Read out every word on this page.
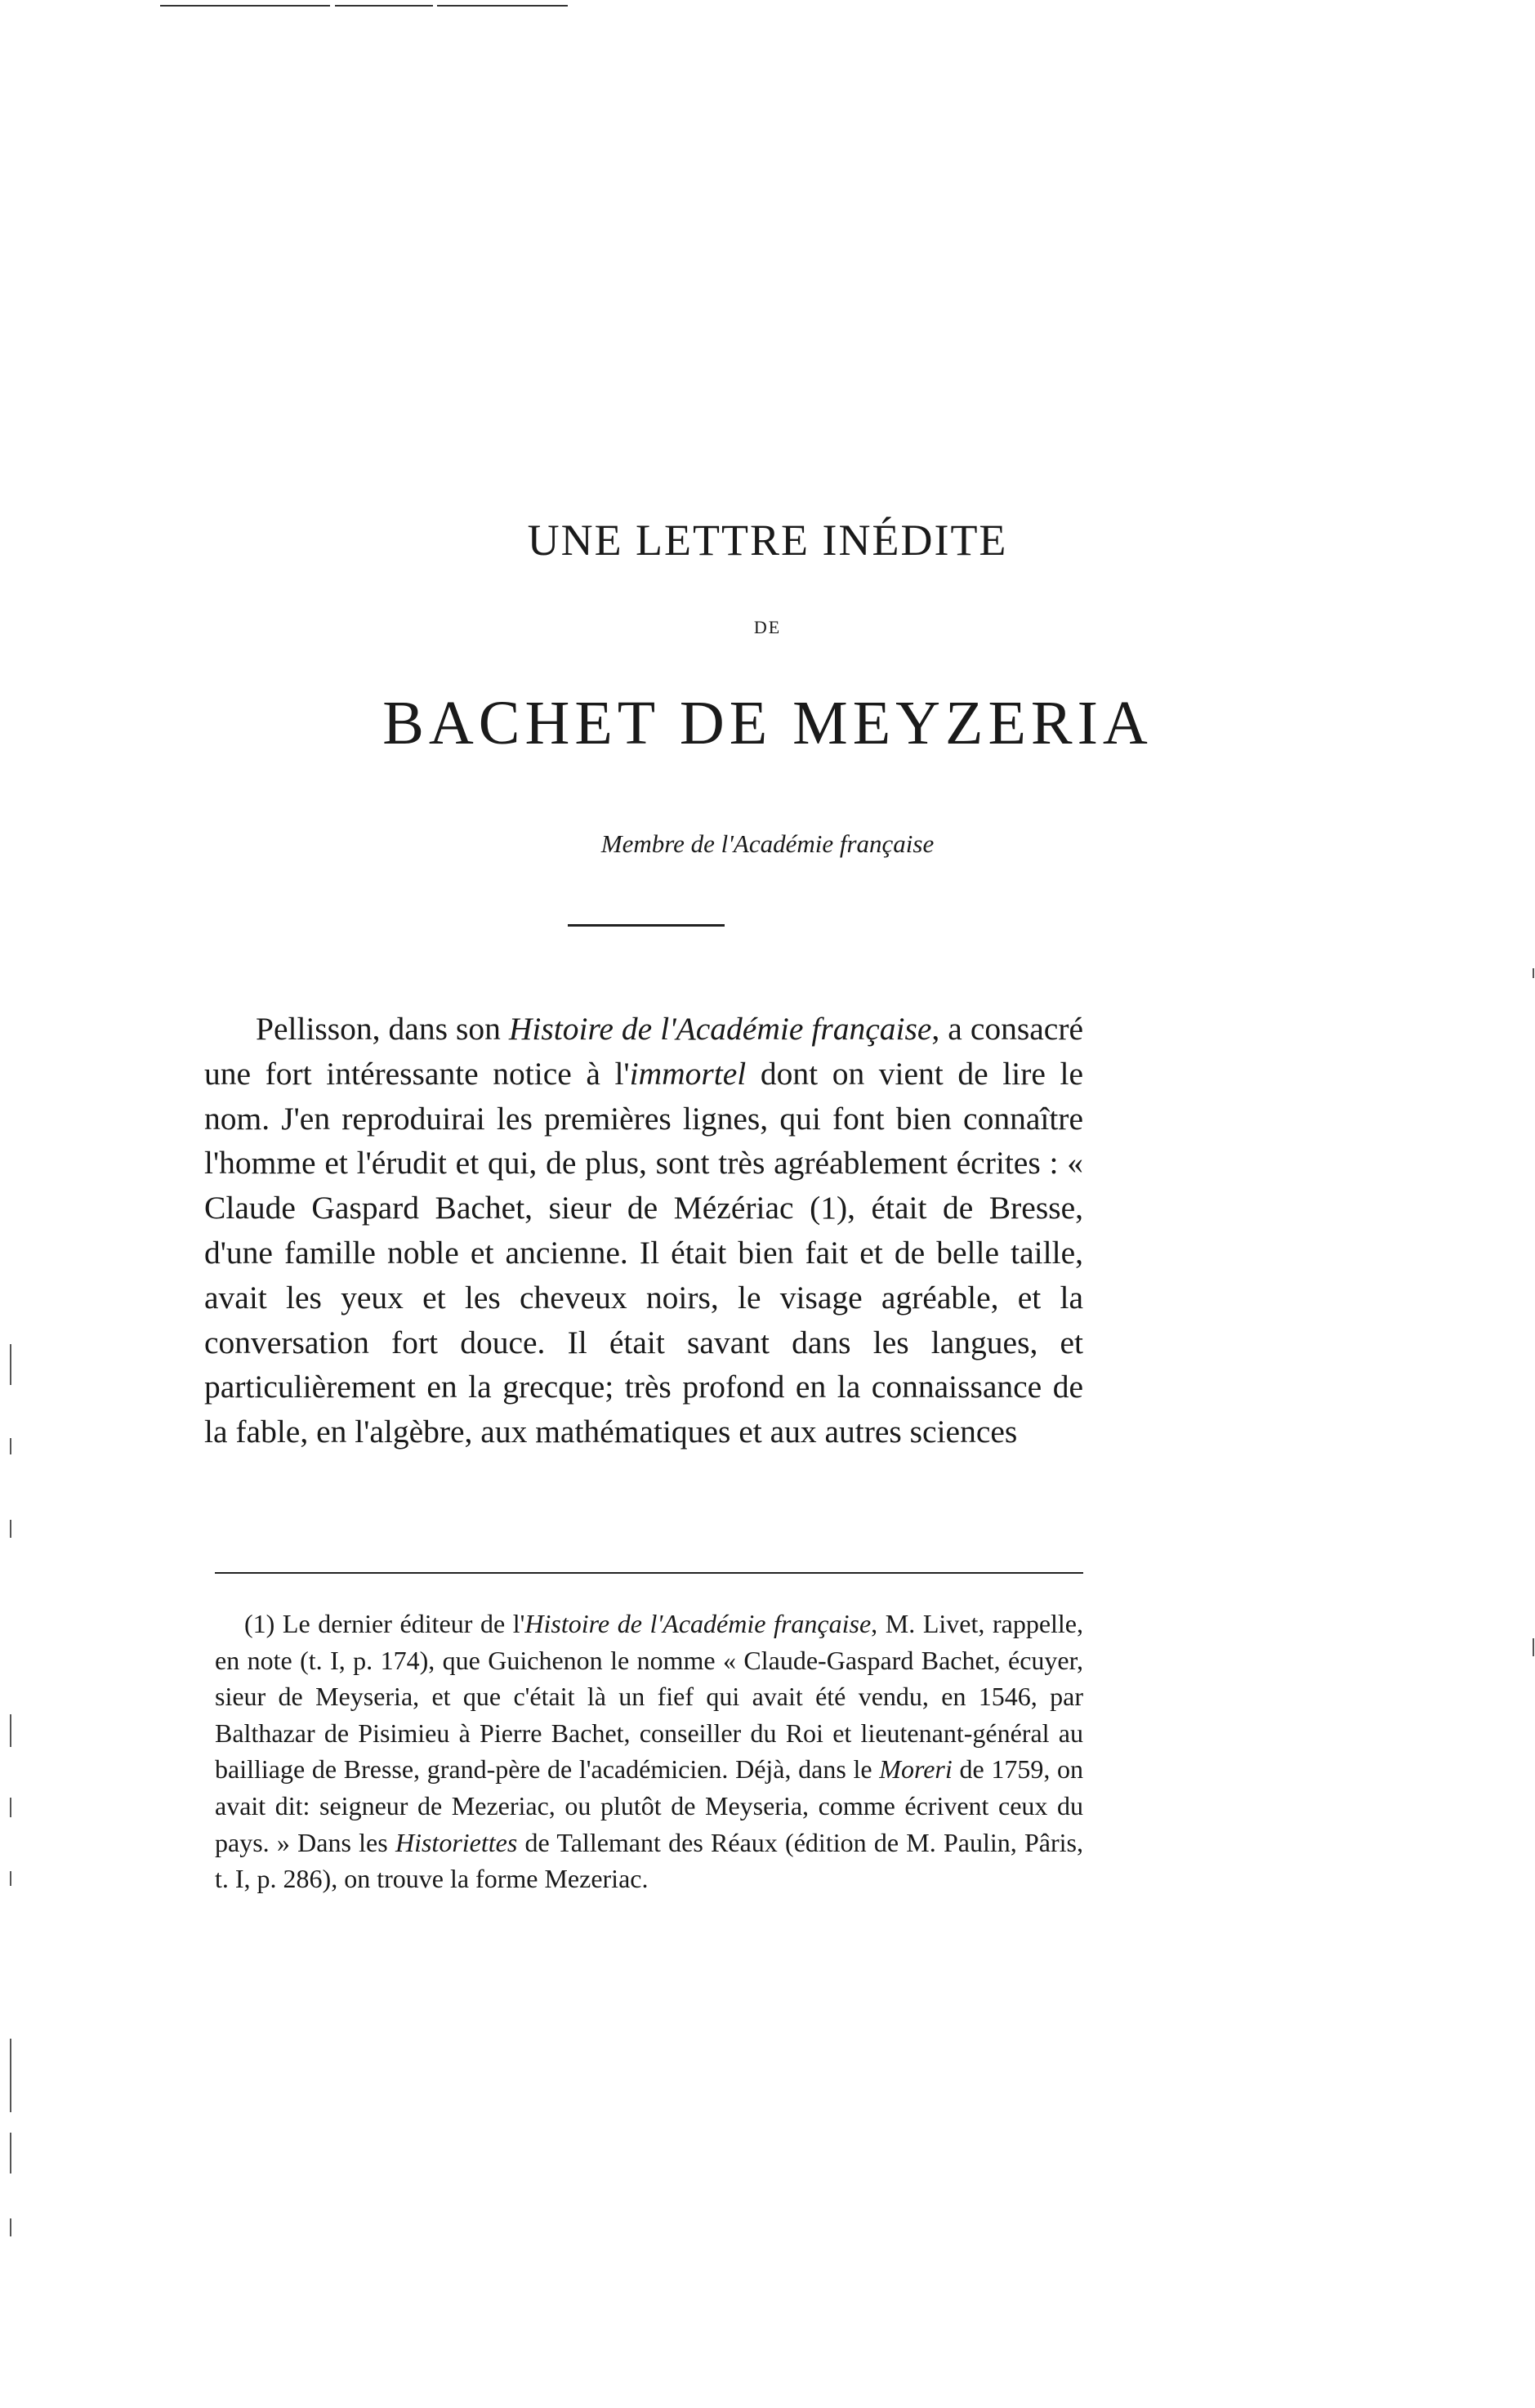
UNE LETTRE INÉDITE
DE
BACHET DE MEYZERIA
Membre de l'Académie française

Pellisson, dans son Histoire de l'Académie française, a consacré une fort intéressante notice à l'immortel dont on vient de lire le nom. J'en reproduirai les premières lignes, qui font bien connaître l'homme et l'érudit et qui, de plus, sont très agréablement écrites : « Claude Gaspard Bachet, sieur de Mézériac (1), était de Bresse, d'une famille noble et ancienne. Il était bien fait et de belle taille, avait les yeux et les cheveux noirs, le visage agréable, et la conversation fort douce. Il était savant dans les langues, et particulièrement en la grecque; très profond en la connaissance de la fable, en l'algèbre, aux mathématiques et aux autres sciences

(1) Le dernier éditeur de l'Histoire de l'Académie française, M. Livet, rappelle, en note (t. I, p. 174), que Guichenon le nomme « Claude-Gaspard Bachet, écuyer, sieur de Meyseria, et que c'était là un fief qui avait été vendu, en 1546, par Balthazar de Pisimieu à Pierre Bachet, conseiller du Roi et lieutenant-général au bailliage de Bresse, grand-père de l'académicien. Déjà, dans le Moreri de 1759, on avait dit: seigneur de Mezeriac, ou plutôt de Meyseria, comme écrivent ceux du pays. » Dans les Historiettes de Tallemant des Réaux (édition de M. Paulin, Pâris, t. I, p. 286), on trouve la forme Mezeriac.
